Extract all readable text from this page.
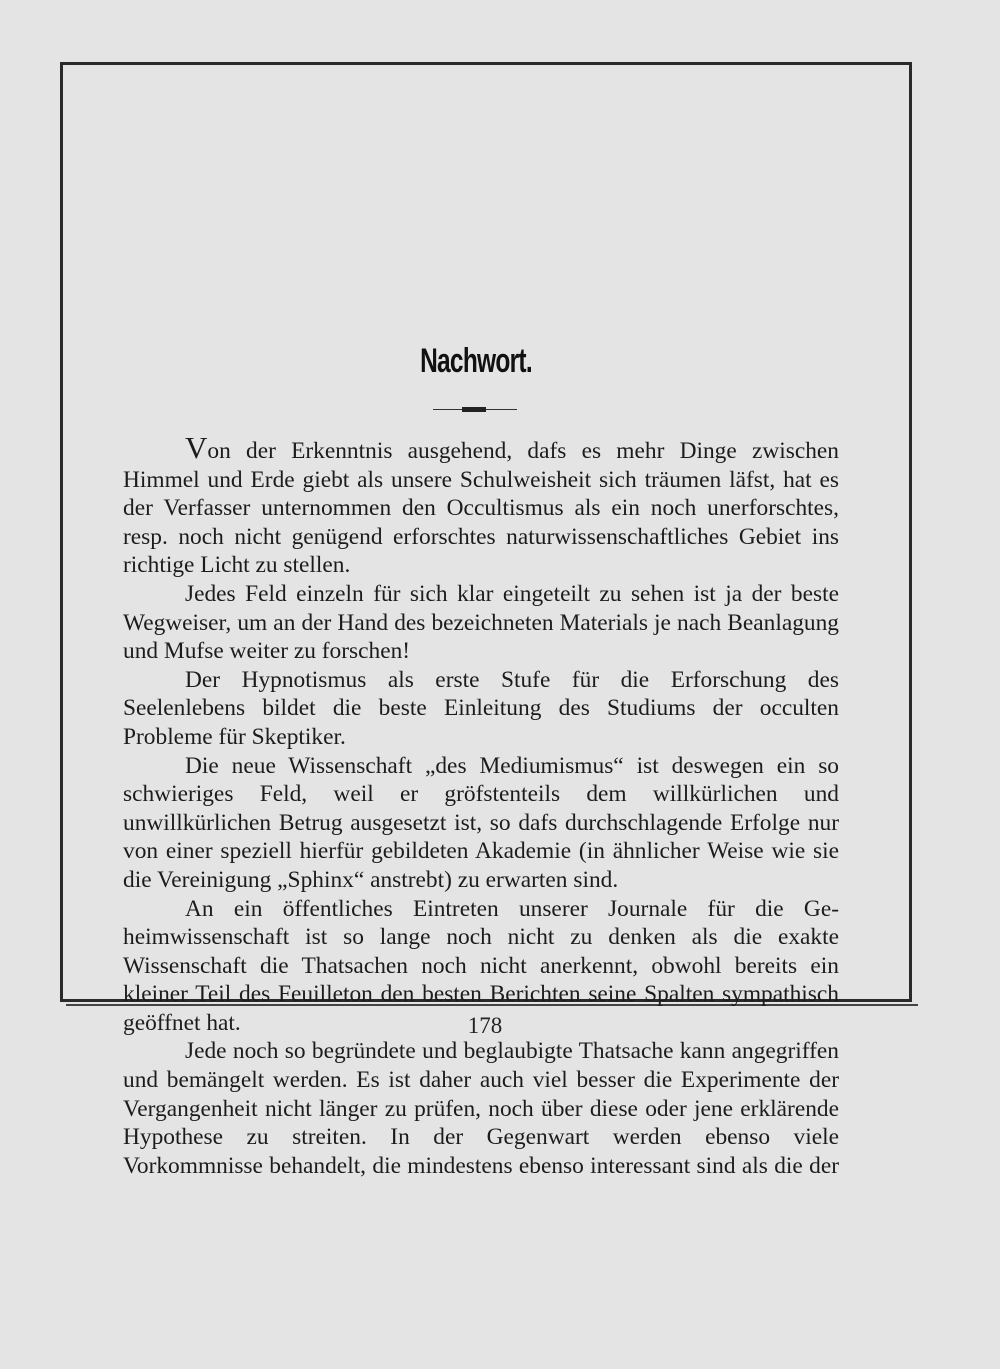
Nachwort.

Von der Erkenntnis ausgehend, dafs es mehr Dinge zwischen Himmel und Erde giebt als unsere Schulweisheit sich träumen läfst, hat es der Verfasser unternommen den Occultismus als ein noch unerforschtes, resp. noch nicht genügend erforschtes naturwissenschaftliches Gebiet ins richtige Licht zu stellen.

Jedes Feld einzeln für sich klar eingeteilt zu sehen ist ja der beste Wegweiser, um an der Hand des bezeichneten Materials je nach Beanlagung und Mufse weiter zu forschen!

Der Hypnotismus als erste Stufe für die Erforschung des Seelenlebens bildet die beste Einleitung des Studiums der occulten Probleme für Skeptiker.

Die neue Wissenschaft „des Mediumismus“ ist deswegen ein so schwieriges Feld, weil er gröfstenteils dem willkürlichen und unwillkürlichen Betrug ausgesetzt ist, so dafs durchschlagende Erfolge nur von einer speziell hierfür gebildeten Akademie (in ähnlicher Weise wie sie die Vereinigung „Sphinx“ anstrebt) zu erwarten sind.

An ein öffentliches Eintreten unserer Journale für die Geheimwissenschaft ist so lange noch nicht zu denken als die exakte Wissenschaft die Thatsachen noch nicht anerkennt, obwohl bereits ein kleiner Teil des Feuilleton den besten Berichten seine Spalten sympathisch geöffnet hat.

Jede noch so begründete und beglaubigte Thatsache kann angegriffen und bemängelt werden. Es ist daher auch viel besser die Experimente der Vergangenheit nicht länger zu prüfen, noch über diese oder jene erklärende Hypothese zu streiten. In der Gegenwart werden ebenso viele Vorkommnisse behandelt, die mindestens ebenso interessant sind als die der

178
